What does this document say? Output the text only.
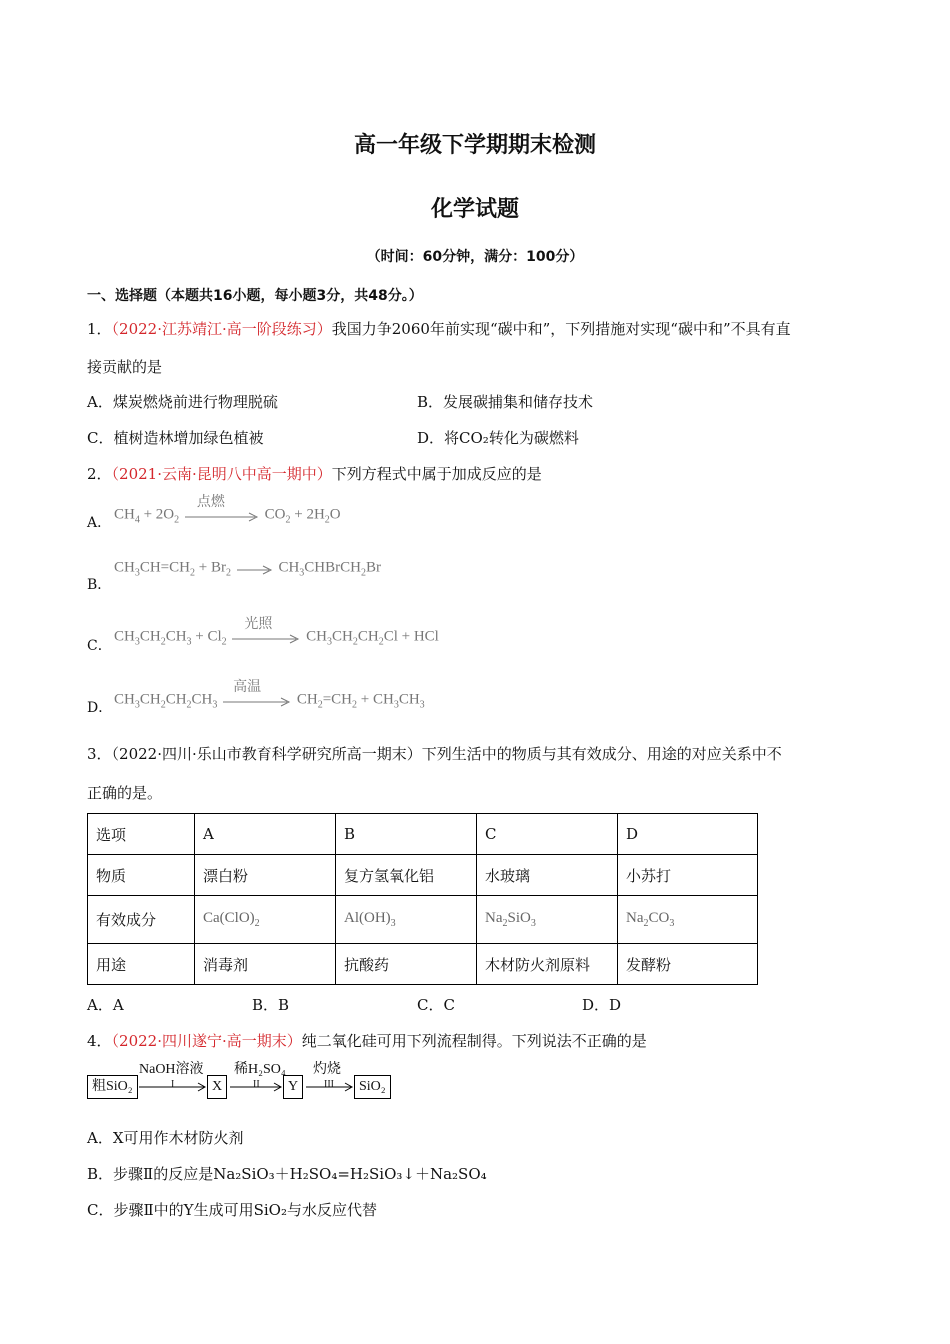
高一年级下学期期末检测
化学试题
（时间：60分钟，满分：100分）
一、选择题（本题共16小题，每小题3分，共48分。）
1．（2022·江苏靖江·高一阶段练习）我国力争2060年前实现“碳中和”，下列措施对实现“碳中和”不具有直
接贡献的是
A．煤炭燃烧前进行物理脱硫	B．发展碳捕集和储存技术
C．植树造林增加绿色植被	D．将CO₂转化为碳燃料
2．（2021·云南·昆明八中高一期中）下列方程式中属于加成反应的是
A．
$CH_4 + 2O_2$
点燃
$CO_2 + 2H_2O$
B．
$CH_3CH=CH_2 + Br_2$	$CH_3CHBrCH_2Br$
C．
$CH_3CH_2CH_3 + Cl_2$
光照
$CH_3CH_2CH_2Cl$ + HCl
D．
$CH_3CH_2CH_2CH_3$
高温
$CH_2=CH_2 + CH_3CH_3$
3．（2022·四川·乐山市教育科学研究所高一期末）下列生活中的物质与其有效成分、用途的对应关系中不
正确的是。
选项	A	B	C	D
物质	漂白粉	复方氢氧化铝	水玻璃	小苏打
有效成分	$Ca(ClO)_2$	$Al(OH)_3$	$Na_2SiO_3$	$Na_2CO_3$
用途	消毒剂	抗酸药	木材防火剂原料	发酵粉
A．A	B．B	C．C	D．D
4．（2022·四川遂宁·高一期末）纯二氧化硅可用下列流程制得。下列说法不正确的是
粗SiO₂
NaOH溶液
I	X
稀H₂SO₄
II	Y
灼烧
III	SiO₂
A．X可用作木材防火剂
B．步骤Ⅱ的反应是Na₂SiO₃＋H₂SO₄=H₂SiO₃↓＋Na₂SO₄
C．步骤Ⅱ中的Y生成可用SiO₂与水反应代替
